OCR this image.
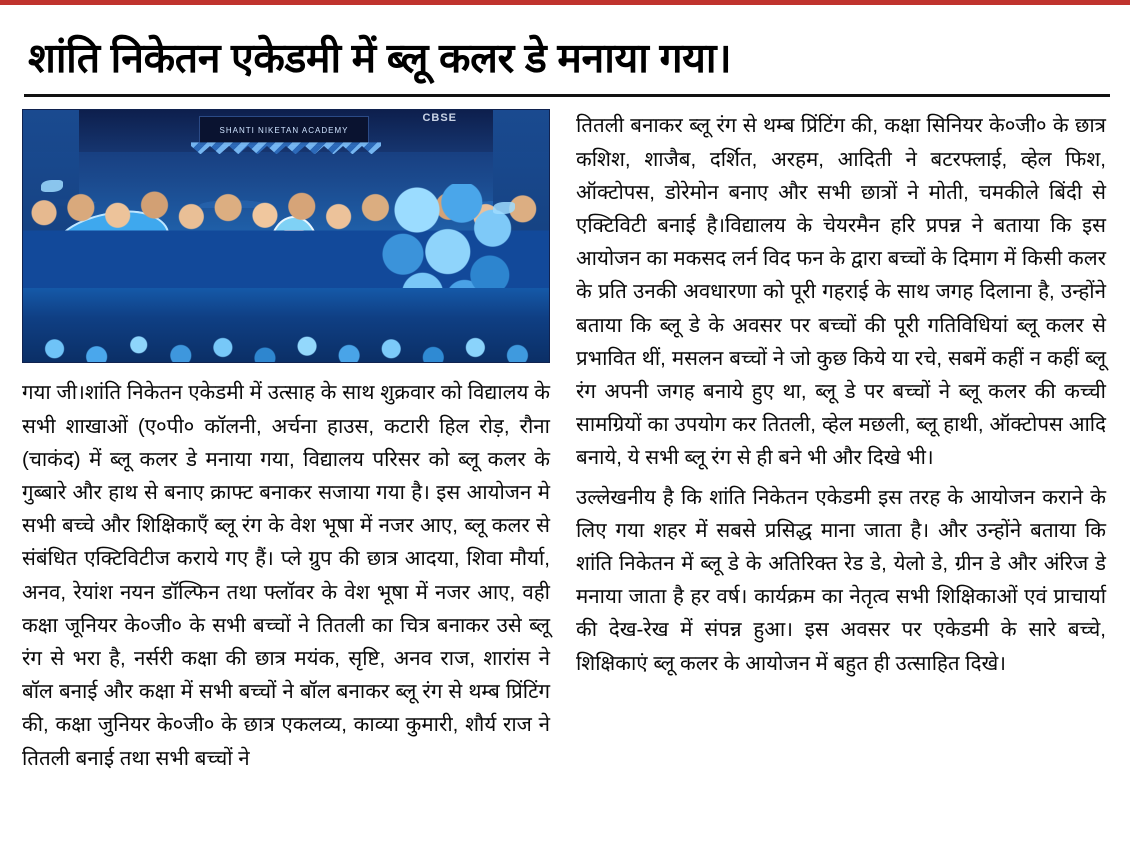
शांति निकेतन एकेडमी में ब्लू कलर डे मनाया गया।
SHANTI NIKETAN ACADEMY
CBSE

गया जी।शांति निकेतन एकेडमी में उत्साह के साथ शुक्रवार को विद्यालय के सभी शाखाओं (ए०पी० कॉलनी, अर्चना हाउस, कटारी हिल रोड़, रौना (चाकंद) में ब्लू कलर डे मनाया गया, विद्यालय परिसर को ब्लू कलर के गुब्बारे और हाथ से बनाए क्राफ्ट बनाकर सजाया गया है। इस आयोजन मे सभी बच्चे और शिक्षिकाएँ ब्लू रंग के वेश भूषा में नजर आए, ब्लू कलर से संबंधित एक्टिविटीज कराये गए हैं। प्ले ग्रुप की छात्र आदया, शिवा मौर्या, अनव, रेयांश नयन डॉल्फिन तथा फ्लॉवर के वेश भूषा में नजर आए, वही कक्षा जूनियर के०जी० के सभी बच्चों ने तितली का चित्र बनाकर उसे ब्लू रंग से भरा है, नर्सरी कक्षा की छात्र मयंक, सृष्टि, अनव राज, शारांस ने बॉल बनाई और कक्षा में सभी बच्चों ने बॉल बनाकर ब्लू रंग से थम्ब प्रिंटिंग की, कक्षा जुनियर के०जी० के छात्र एकलव्य, काव्या कुमारी, शौर्य राज ने तितली बनाई तथा सभी बच्चों ने

तितली बनाकर ब्लू रंग से थम्ब प्रिंटिंग की, कक्षा सिनियर के०जी० के छात्र कशिश, शाजैब, दर्शित, अरहम, आदिती ने बटरफ्लाई, व्हेल फिश, ऑक्टोपस, डोरेमोन बनाए और सभी छात्रों ने मोती, चमकीले बिंदी से एक्टिविटी बनाई है।विद्यालय के चेयरमैन हरि प्रपन्न ने बताया कि इस आयोजन का मकसद लर्न विद फन के द्वारा बच्चों के दिमाग में किसी कलर के प्रति उनकी अवधारणा को पूरी गहराई के साथ जगह दिलाना है, उन्होंने बताया कि ब्लू डे के अवसर पर बच्चों की पूरी गतिविधियां ब्लू कलर से प्रभावित थीं, मसलन बच्चों ने जो कुछ किये या रचे, सबमें कहीं न कहीं ब्लू रंग अपनी जगह बनाये हुए था, ब्लू डे पर बच्चों ने ब्लू कलर की कच्ची सामग्रियों का उपयोग कर तितली, व्हेल मछली, ब्लू हाथी, ऑक्टोपस आदि बनाये, ये सभी ब्लू रंग से ही बने भी और दिखे भी।

उल्लेखनीय है कि शांति निकेतन एकेडमी इस तरह के आयोजन कराने के लिए गया शहर में सबसे प्रसिद्ध माना जाता है। और उन्होंने बताया कि शांति निकेतन में ब्लू डे के अतिरिक्त रेड डे, येलो डे, ग्रीन डे और अंरिज डे मनाया जाता है हर वर्ष। कार्यक्रम का नेतृत्व सभी शिक्षिकाओं एवं प्राचार्या की देख-रेख में संपन्न हुआ। इस अवसर पर एकेडमी के सारे बच्चे, शिक्षिकाएं ब्लू कलर के आयोजन में बहुत ही उत्साहित दिखे।
